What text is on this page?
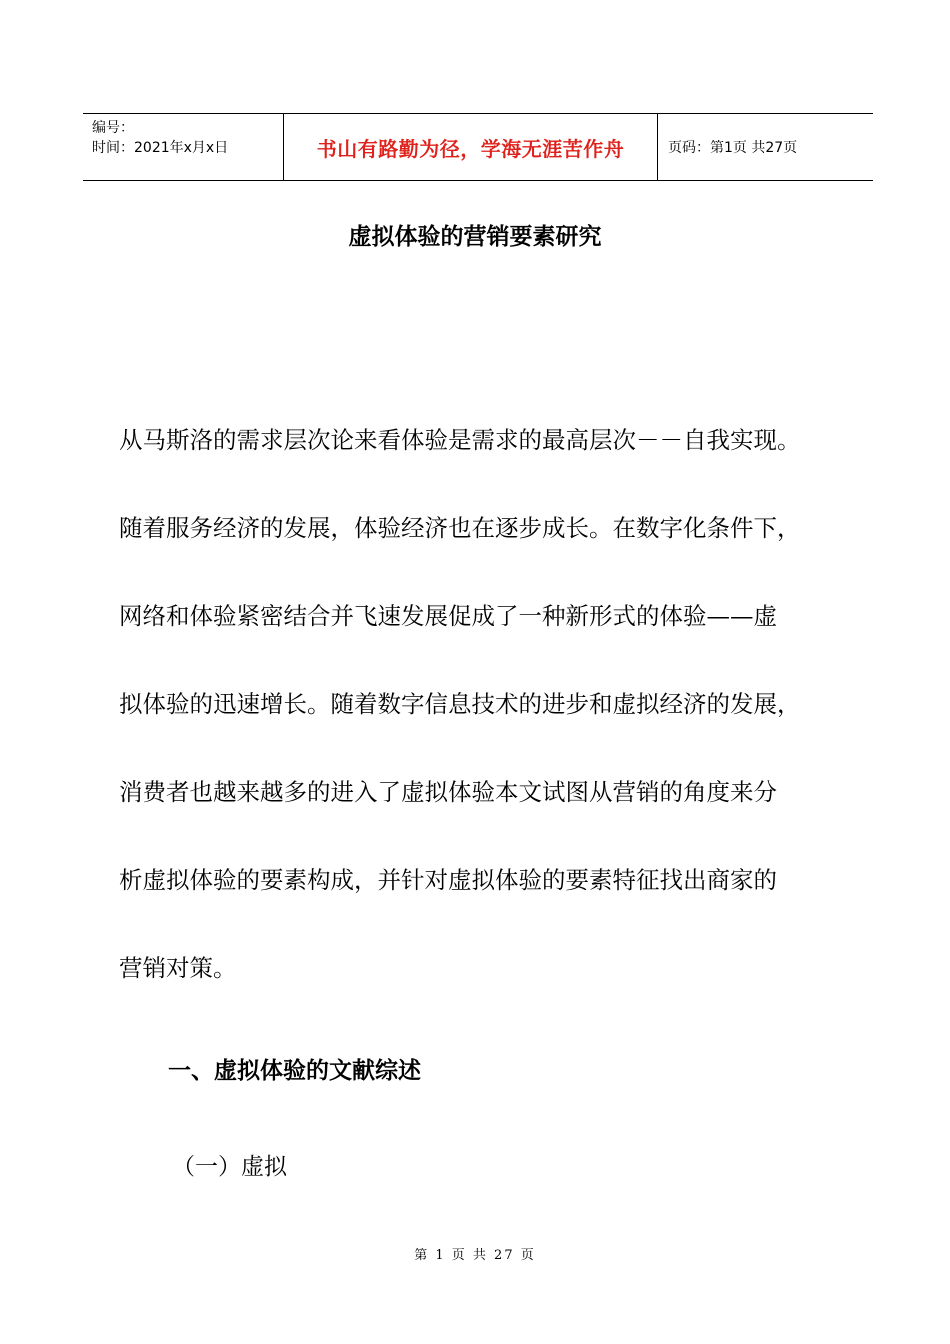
编号：
时间：2021年x月x日	书山有路勤为径，学海无涯苦作舟	页码：第1页 共27页
虚拟体验的营销要素研究
从马斯洛的需求层次论来看体验是需求的最高层次－－自我实现。
随着服务经济的发展，体验经济也在逐步成长。在数字化条件下，
网络和体验紧密结合并飞速发展促成了一种新形式的体验——虚
拟体验的迅速增长。随着数字信息技术的进步和虚拟经济的发展，
消费者也越来越多的进入了虚拟体验本文试图从营销的角度来分
析虚拟体验的要素构成，并针对虚拟体验的要素特征找出商家的
营销对策。
一、虚拟体验的文献综述
（一）虚拟
第 1 页 共 27 页
